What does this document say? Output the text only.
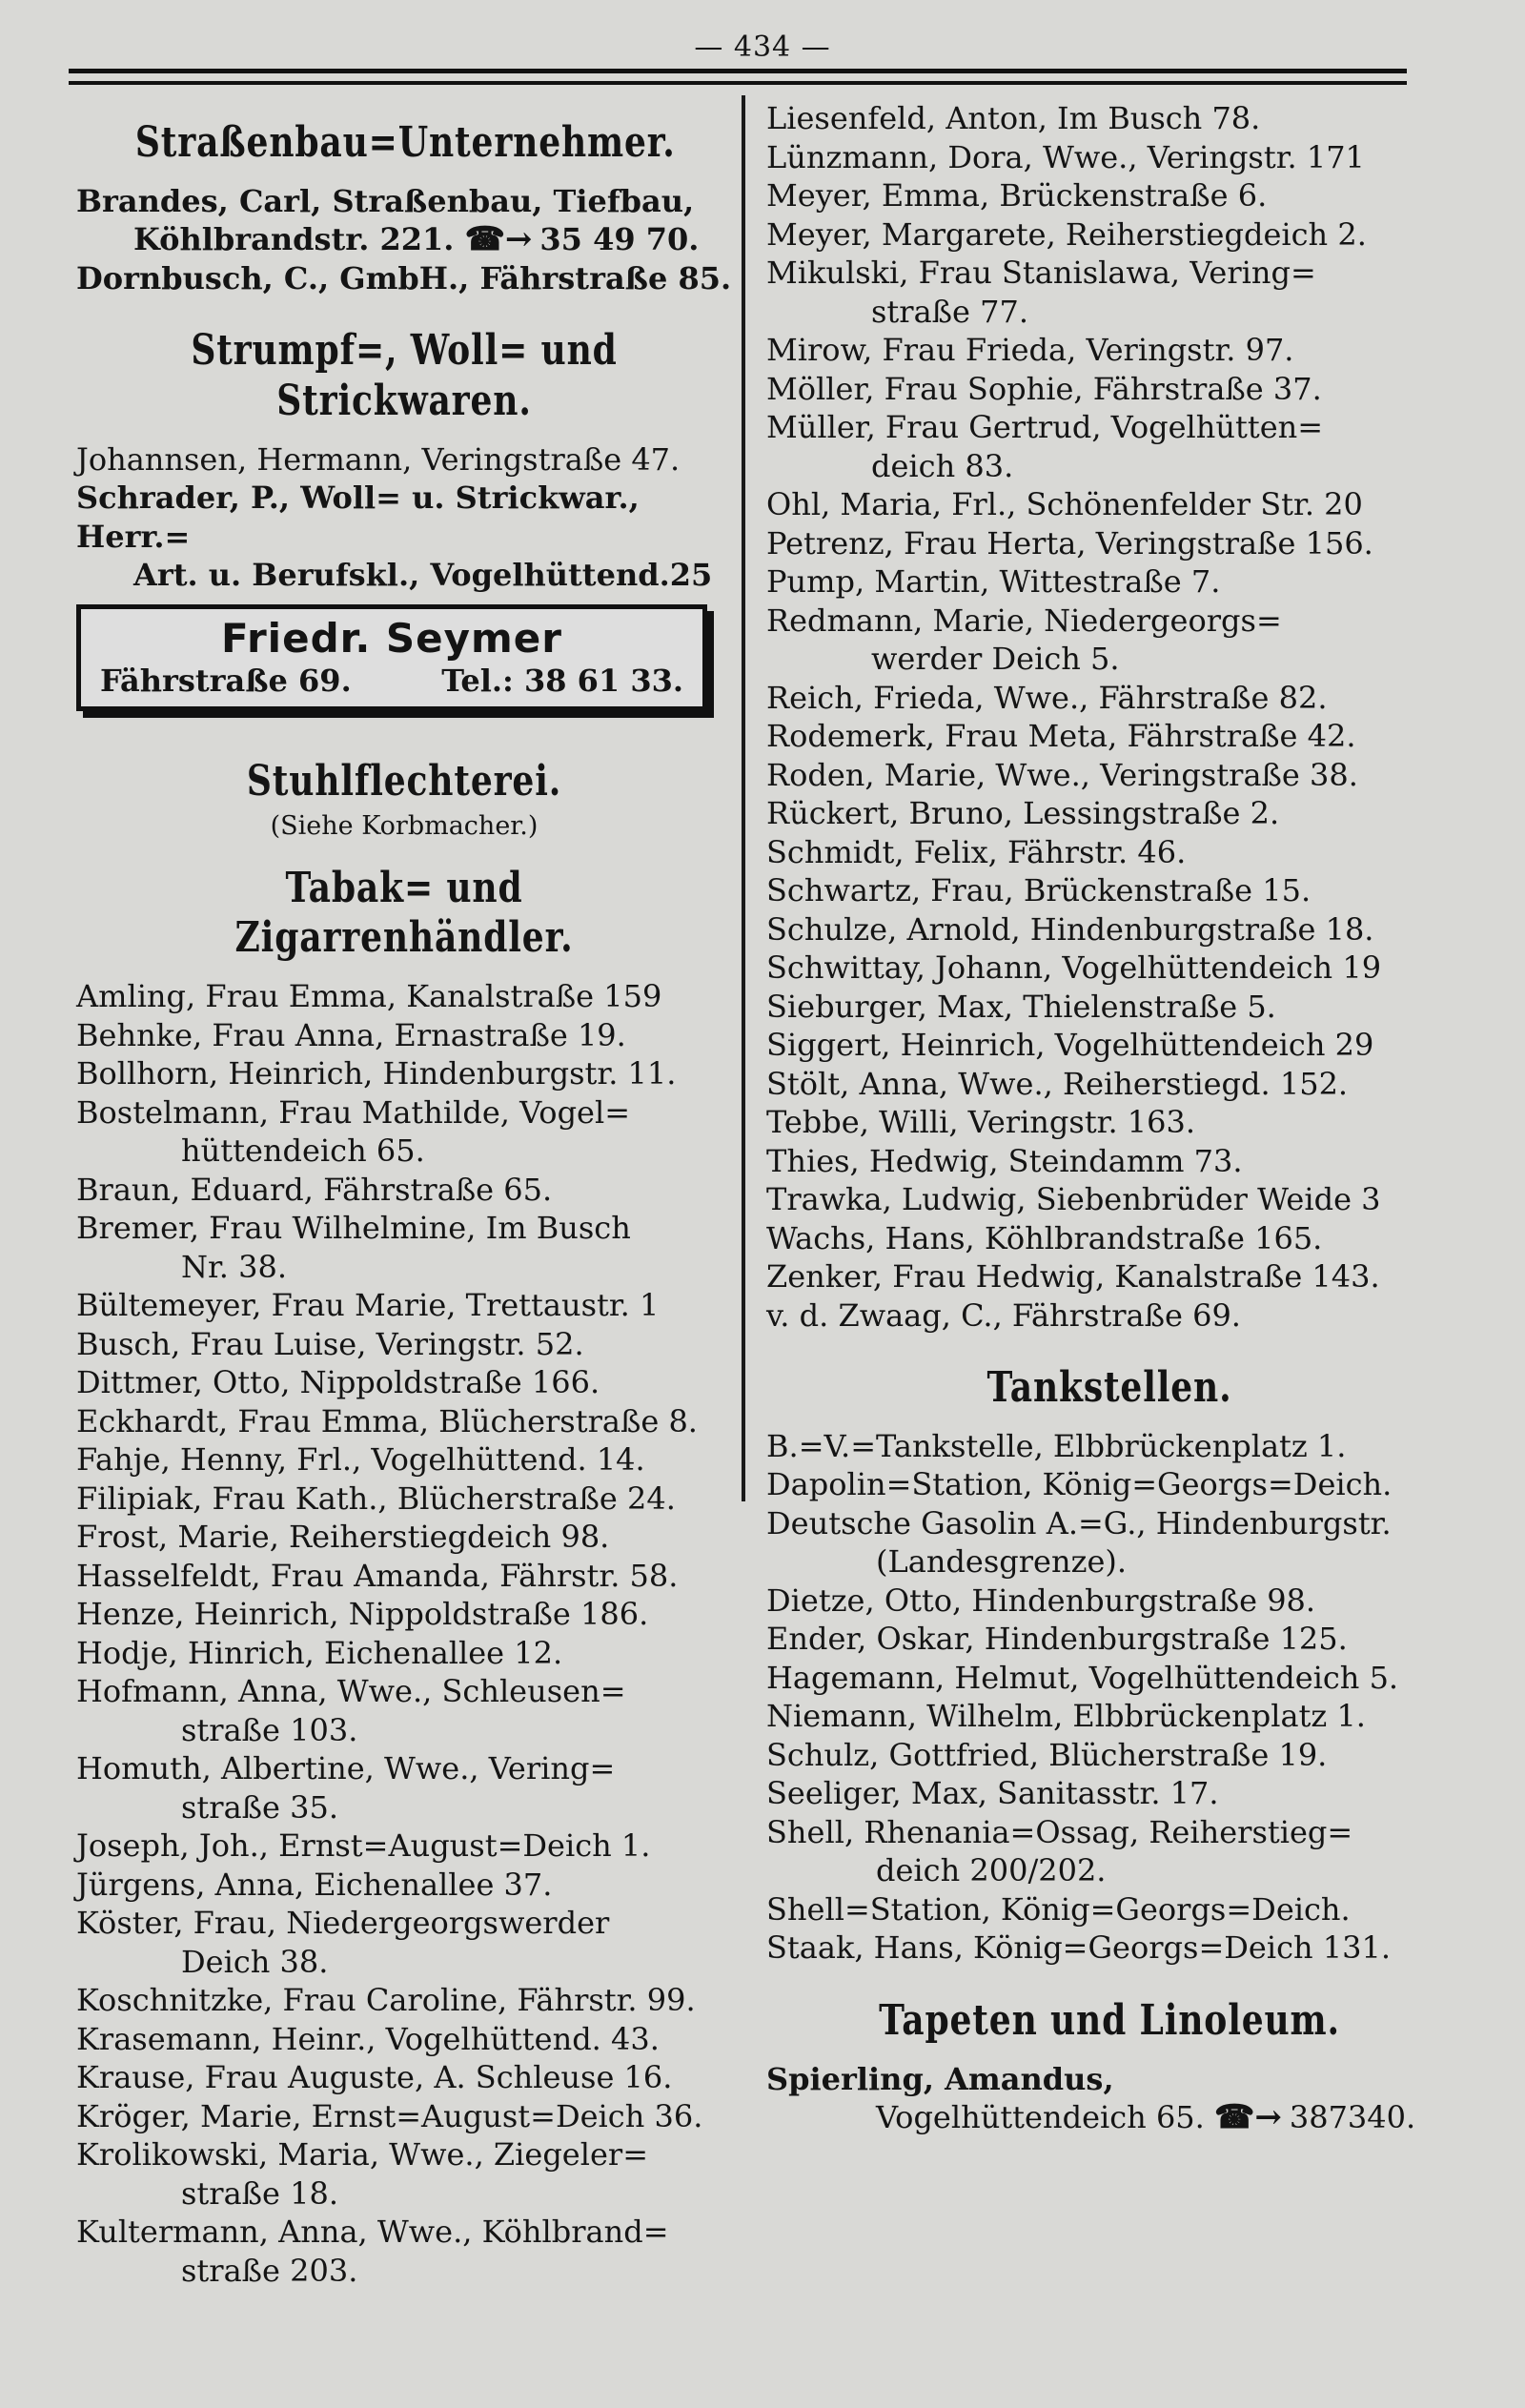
— 434 —
Straßenbau=Unternehmer.
Brandes, Carl, Straßenbau, Tiefbau,
Köhlbrandstr. 221. ☎→ 35 49 70.
Dornbusch, C., GmbH., Fährstraße 85.
Strumpf=, Woll= und Strickwaren.
Johannsen, Hermann, Veringstraße 47.
Schrader, P., Woll= u. Strickwar., Herr.=
Art. u. Berufskl., Vogelhüttend.25
Friedr. Seymer
Fährstraße 69.	Tel.: 38 61 33.
Stuhlflechterei.
(Siehe Korbmacher.)
Tabak= und Zigarrenhändler.
Amling, Frau Emma, Kanalstraße 159
Behnke, Frau Anna, Ernastraße 19.
Bollhorn, Heinrich, Hindenburgstr. 11.
Bostelmann, Frau Mathilde, Vogel=
hüttendeich 65.
Braun, Eduard, Fährstraße 65.
Bremer, Frau Wilhelmine, Im Busch
Nr. 38.
Bültemeyer, Frau Marie, Trettaustr. 1
Busch, Frau Luise, Veringstr. 52.
Dittmer, Otto, Nippoldstraße 166.
Eckhardt, Frau Emma, Blücherstraße 8.
Fahje, Henny, Frl., Vogelhüttend. 14.
Filipiak, Frau Kath., Blücherstraße 24.
Frost, Marie, Reiherstiegdeich 98.
Hasselfeldt, Frau Amanda, Fährstr. 58.
Henze, Heinrich, Nippoldstraße 186.
Hodje, Hinrich, Eichenallee 12.
Hofmann, Anna, Wwe., Schleusen=
straße 103.
Homuth, Albertine, Wwe., Vering=
straße 35.
Joseph, Joh., Ernst=August=Deich 1.
Jürgens, Anna, Eichenallee 37.
Köster, Frau, Niedergeorgswerder
Deich 38.
Koschnitzke, Frau Caroline, Fährstr. 99.
Krasemann, Heinr., Vogelhüttend. 43.
Krause, Frau Auguste, A. Schleuse 16.
Kröger, Marie, Ernst=August=Deich 36.
Krolikowski, Maria, Wwe., Ziegeler=
straße 18.
Kultermann, Anna, Wwe., Köhlbrand=
straße 203.
Liesenfeld, Anton, Im Busch 78.
Lünzmann, Dora, Wwe., Veringstr. 171
Meyer, Emma, Brückenstraße 6.
Meyer, Margarete, Reiherstiegdeich 2.
Mikulski, Frau Stanislawa, Vering=
straße 77.
Mirow, Frau Frieda, Veringstr. 97.
Möller, Frau Sophie, Fährstraße 37.
Müller, Frau Gertrud, Vogelhütten=
deich 83.
Ohl, Maria, Frl., Schönenfelder Str. 20
Petrenz, Frau Herta, Veringstraße 156.
Pump, Martin, Wittestraße 7.
Redmann, Marie, Niedergeorgs=
werder Deich 5.
Reich, Frieda, Wwe., Fährstraße 82.
Rodemerk, Frau Meta, Fährstraße 42.
Roden, Marie, Wwe., Veringstraße 38.
Rückert, Bruno, Lessingstraße 2.
Schmidt, Felix, Fährstr. 46.
Schwartz, Frau, Brückenstraße 15.
Schulze, Arnold, Hindenburgstraße 18.
Schwittay, Johann, Vogelhüttendeich 19
Sieburger, Max, Thielenstraße 5.
Siggert, Heinrich, Vogelhüttendeich 29
Stölt, Anna, Wwe., Reiherstiegd. 152.
Tebbe, Willi, Veringstr. 163.
Thies, Hedwig, Steindamm 73.
Trawka, Ludwig, Siebenbrüder Weide 3
Wachs, Hans, Köhlbrandstraße 165.
Zenker, Frau Hedwig, Kanalstraße 143.
v. d. Zwaag, C., Fährstraße 69.
Tankstellen.
B.=V.=Tankstelle, Elbbrückenplatz 1.
Dapolin=Station, König=Georgs=Deich.
Deutsche Gasolin A.=G., Hindenburgstr.
(Landesgrenze).
Dietze, Otto, Hindenburgstraße 98.
Ender, Oskar, Hindenburgstraße 125.
Hagemann, Helmut, Vogelhüttendeich 5.
Niemann, Wilhelm, Elbbrückenplatz 1.
Schulz, Gottfried, Blücherstraße 19.
Seeliger, Max, Sanitasstr. 17.
Shell, Rhenania=Ossag, Reiherstieg=
deich 200/202.
Shell=Station, König=Georgs=Deich.
Staak, Hans, König=Georgs=Deich 131.
Tapeten und Linoleum.
Spierling, Amandus,
Vogelhüttendeich 65. ☎→ 387340.
